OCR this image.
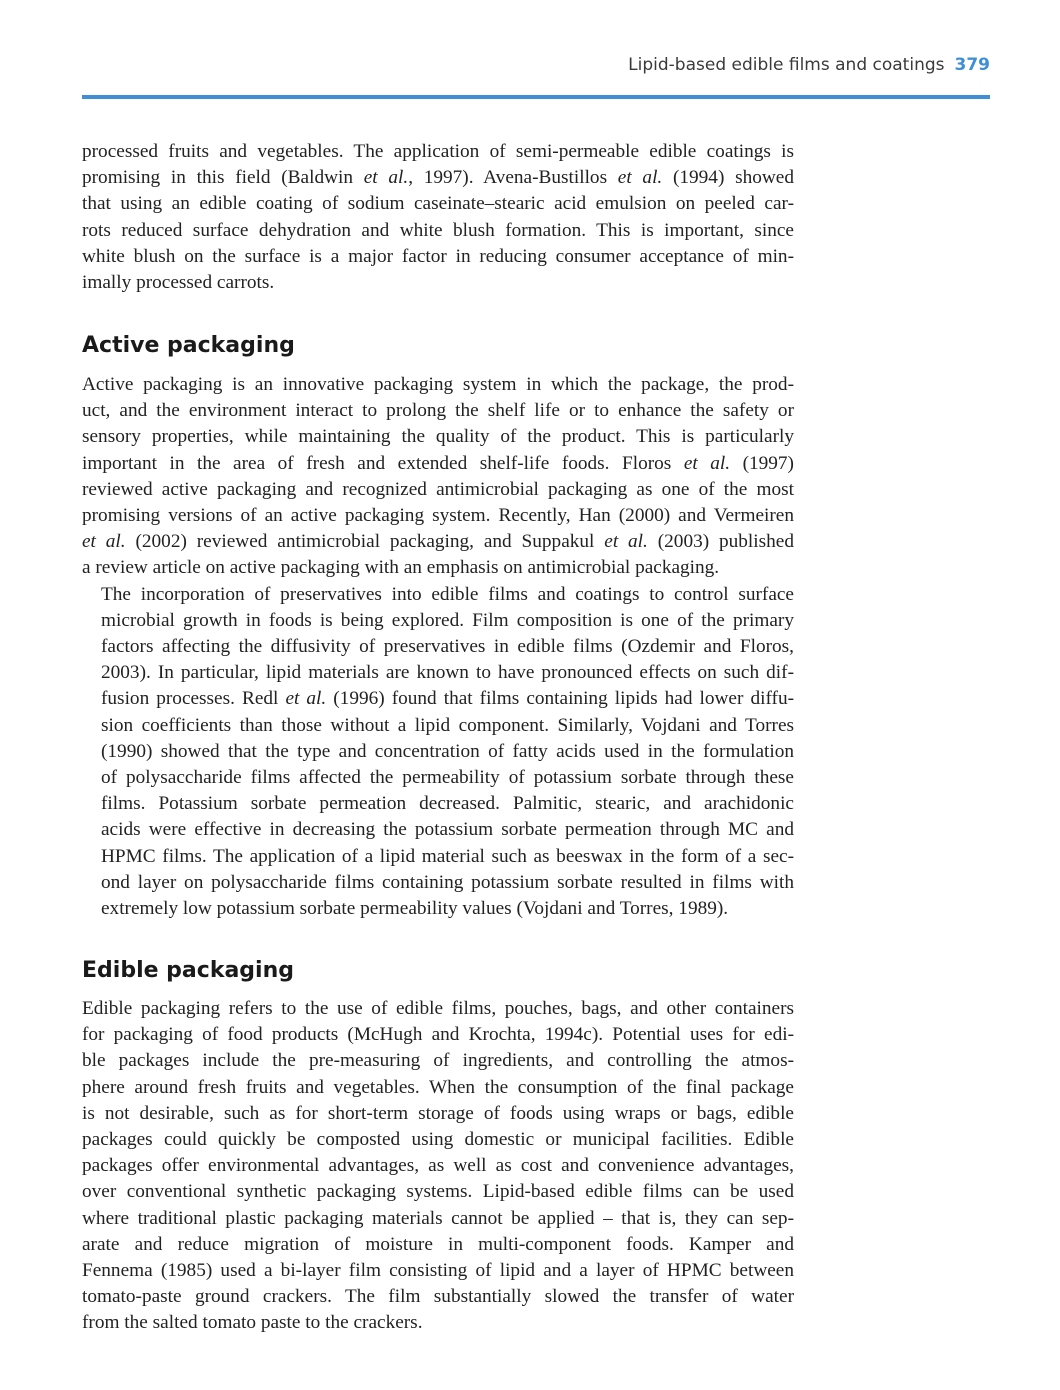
Lipid-based edible films and coatings 379

processed fruits and vegetables. The application of semi-permeable edible coatings is
promising in this field (Baldwin et al., 1997). Avena-Bustillos et al. (1994) showed
that using an edible coating of sodium caseinate–stearic acid emulsion on peeled car-
rots reduced surface dehydration and white blush formation. This is important, since
white blush on the surface is a major factor in reducing consumer acceptance of min-
imally processed carrots.

Active packaging

Active packaging is an innovative packaging system in which the package, the prod-
uct, and the environment interact to prolong the shelf life or to enhance the safety or
sensory properties, while maintaining the quality of the product. This is particularly
important in the area of fresh and extended shelf-life foods. Floros et al. (1997)
reviewed active packaging and recognized antimicrobial packaging as one of the most
promising versions of an active packaging system. Recently, Han (2000) and Vermeiren
et al. (2002) reviewed antimicrobial packaging, and Suppakul et al. (2003) published
a review article on active packaging with an emphasis on antimicrobial packaging.

The incorporation of preservatives into edible films and coatings to control surface
microbial growth in foods is being explored. Film composition is one of the primary
factors affecting the diffusivity of preservatives in edible films (Ozdemir and Floros,
2003). In particular, lipid materials are known to have pronounced effects on such dif-
fusion processes. Redl et al. (1996) found that films containing lipids had lower diffu-
sion coefficients than those without a lipid component. Similarly, Vojdani and Torres
(1990) showed that the type and concentration of fatty acids used in the formulation
of polysaccharide films affected the permeability of potassium sorbate through these
films. Potassium sorbate permeation decreased. Palmitic, stearic, and arachidonic
acids were effective in decreasing the potassium sorbate permeation through MC and
HPMC films. The application of a lipid material such as beeswax in the form of a sec-
ond layer on polysaccharide films containing potassium sorbate resulted in films with
extremely low potassium sorbate permeability values (Vojdani and Torres, 1989).

Edible packaging

Edible packaging refers to the use of edible films, pouches, bags, and other containers
for packaging of food products (McHugh and Krochta, 1994c). Potential uses for edi-
ble packages include the pre-measuring of ingredients, and controlling the atmos-
phere around fresh fruits and vegetables. When the consumption of the final package
is not desirable, such as for short-term storage of foods using wraps or bags, edible
packages could quickly be composted using domestic or municipal facilities. Edible
packages offer environmental advantages, as well as cost and convenience advantages,
over conventional synthetic packaging systems. Lipid-based edible films can be used
where traditional plastic packaging materials cannot be applied – that is, they can sep-
arate and reduce migration of moisture in multi-component foods. Kamper and
Fennema (1985) used a bi-layer film consisting of lipid and a layer of HPMC between
tomato-paste ground crackers. The film substantially slowed the transfer of water
from the salted tomato paste to the crackers.
